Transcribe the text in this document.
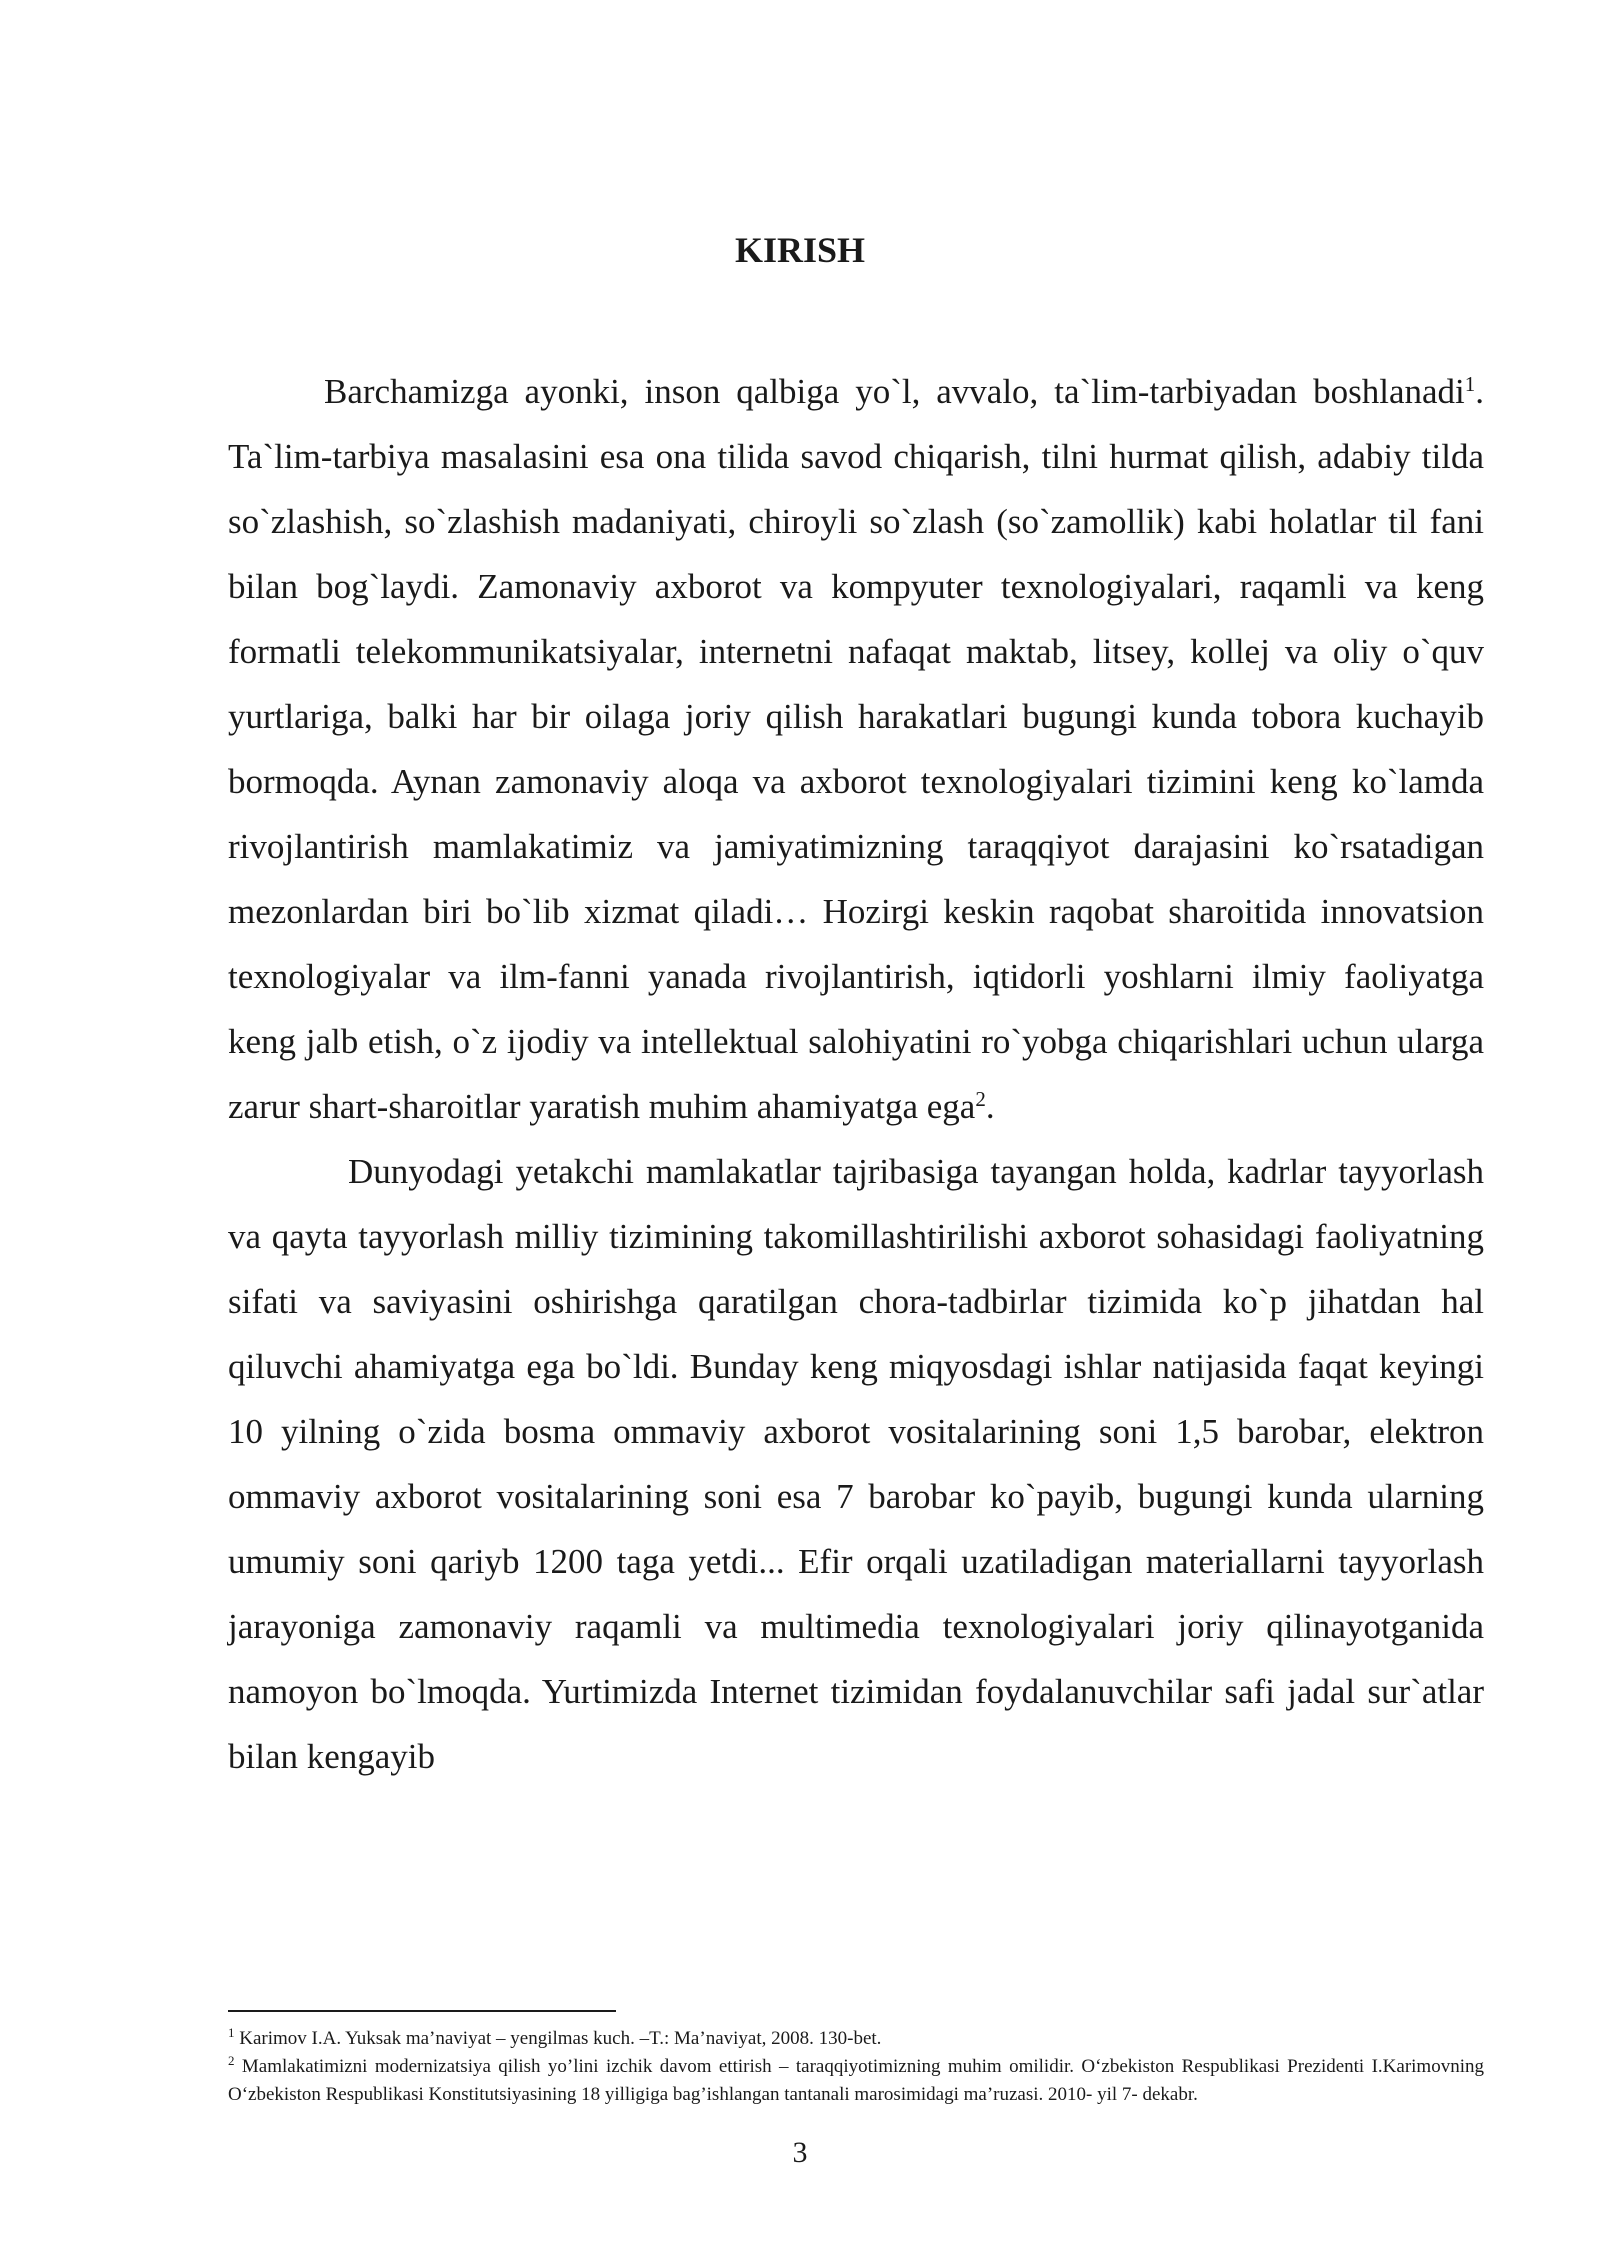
KIRISH

Barchamizga ayonki, inson qalbiga yo`l, avvalo, ta`lim-tarbiyadan boshlanadi$^1$. Ta`lim-tarbiya masalasini esa ona tilida savod chiqarish, tilni hurmat qilish, adabiy tilda so`zlashish, so`zlashish madaniyati, chiroyli so`zlash (so`zamollik) kabi holatlar til fani bilan bog`laydi. Zamonaviy axborot va kompyuter texnologiyalari, raqamli va keng formatli telekommunikatsiyalar, internetni nafaqat maktab, litsey, kollej va oliy o`quv yurtlariga, balki har bir oilaga joriy qilish harakatlari bugungi kunda tobora kuchayib bormoqda. Aynan zamonaviy aloqa va axborot texnologiyalari tizimini keng ko`lamda rivojlantirish mamlakatimiz va jamiyatimizning taraqqiyot darajasini ko`rsatadigan mezonlardan biri bo`lib xizmat qiladi… Hozirgi keskin raqobat sharoitida innovatsion texnologiyalar va ilm-fanni yanada rivojlantirish, iqtidorli yoshlarni ilmiy faoliyatga keng jalb etish, o`z ijodiy va intellektual salohiyatini ro`yobga chiqarishlari uchun ularga zarur shart-sharoitlar yaratish muhim ahamiyatga ega$^2$.

Dunyodagi yetakchi mamlakatlar tajribasiga tayangan holda, kadrlar tayyorlash va qayta tayyorlash milliy tizimining takomillashtirilishi axborot sohasidagi faoliyatning sifati va saviyasini oshirishga qaratilgan chora-tadbirlar tizimida ko`p jihatdan hal qiluvchi ahamiyatga ega bo`ldi. Bunday keng miqyosdagi ishlar natijasida faqat keyingi 10 yilning o`zida bosma ommaviy axborot vositalarining soni 1,5 barobar, elektron ommaviy axborot vositalarining soni esa 7 barobar ko`payib, bugungi kunda ularning umumiy soni qariyb 1200 taga yetdi... Efir orqali uzatiladigan materiallarni tayyorlash jarayoniga zamonaviy raqamli va multimedia texnologiyalari joriy qilinayotganida namoyon bo`lmoqda. Yurtimizda Internet tizimidan foydalanuvchilar safi jadal sur`atlar bilan kengayib

$^1$ Karimov I.A. Yuksak ma’naviyat – yengilmas kuch. –T.: Ma’naviyat, 2008. 130-bet.

$^2$ Mamlakatimizni modernizatsiya qilish yo’lini izchik davom ettirish – taraqqiyotimizning muhim omilidir. O‘zbekiston Respublikasi Prezidenti I.Karimovning O‘zbekiston Respublikasi Konstitutsiyasining 18 yilligiga bag’ishlangan tantanali marosimidagi ma’ruzasi. 2010- yil 7- dekabr.

3
